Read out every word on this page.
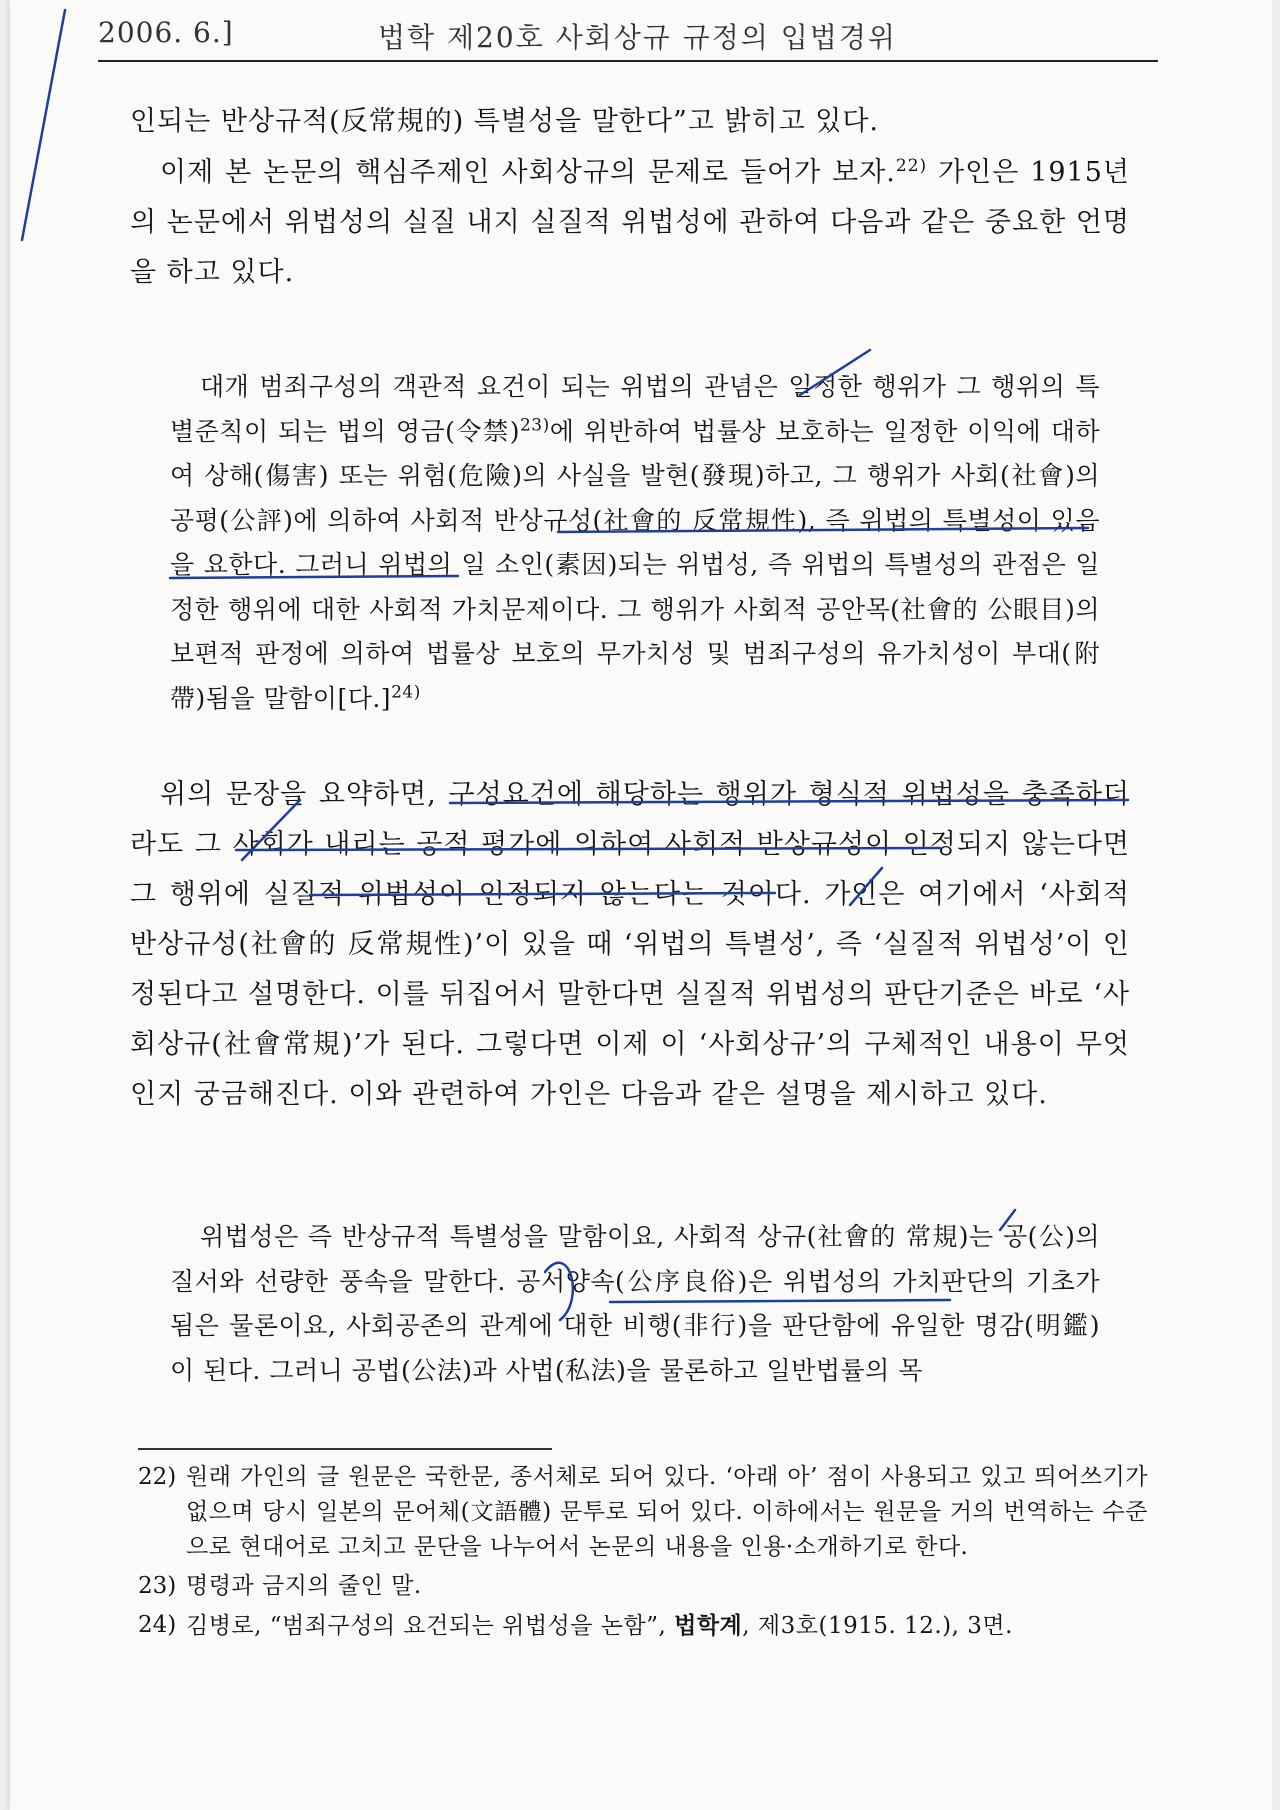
2006. 6.]	법학 제20호 사회상규 규정의 입법경위

인되는 반상규적(反常規的) 특별성을 말한다”고 밝히고 있다.

이제 본 논문의 핵심주제인 사회상규의 문제로 들어가 보자.$^{22)}$ 가인은 1915년의 논문에서 위법성의 실질 내지 실질적 위법성에 관하여 다음과 같은 중요한 언명을 하고 있다.

대개 범죄구성의 객관적 요건이 되는 위법의 관념은 일정한 행위가 그 행위의 특별준칙이 되는 법의 영금(令禁)$^{23)}$에 위반하여 법률상 보호하는 일정한 이익에 대하여 상해(傷害) 또는 위험(危險)의 사실을 발현(發現)하고, 그 행위가 사회(社會)의 공평(公評)에 의하여 사회적 반상규성(社會的 反常規性), 즉 위법의 특별성이 있음을 요한다. 그러니 위법의 일 소인(素因)되는 위법성, 즉 위법의 특별성의 관점은 일정한 행위에 대한 사회적 가치문제이다. 그 행위가 사회적 공안목(社會的 公眼目)의 보편적 판정에 의하여 법률상 보호의 무가치성 및 범죄구성의 유가치성이 부대(附帶)됨을 말함이[다.]$^{24)}$

위의 문장을 요약하면, 구성요건에 해당하는 행위가 형식적 위법성을 충족하더라도 그 사회가 내리는 공적 평가에 의하여 사회적 반상규성이 인정되지 않는다면 그 행위에 실질적 위법성이 인정되지 않는다는 것이다. 가인은 여기에서 ‘사회적 반상규성(社會的 反常規性)’이 있을 때 ‘위법의 특별성’, 즉 ‘실질적 위법성’이 인정된다고 설명한다. 이를 뒤집어서 말한다면 실질적 위법성의 판단기준은 바로 ‘사회상규(社會常規)’가 된다. 그렇다면 이제 이 ‘사회상규’의 구체적인 내용이 무엇인지 궁금해진다. 이와 관련하여 가인은 다음과 같은 설명을 제시하고 있다.

위법성은 즉 반상규적 특별성을 말함이요, 사회적 상규(社會的 常規)는 공(公)의 질서와 선량한 풍속을 말한다. 공서양속(公序良俗)은 위법성의 가치판단의 기초가 됨은 물론이요, 사회공존의 관계에 대한 비행(非行)을 판단함에 유일한 명감(明鑑)이 된다. 그러니 공법(公法)과 사법(私法)을 물론하고 일반법률의 목

22) 원래 가인의 글 원문은 국한문, 종서체로 되어 있다. ‘아래 아’ 점이 사용되고 있고 띄어쓰기가 없으며 당시 일본의 문어체(文語體) 문투로 되어 있다. 이하에서는 원문을 거의 번역하는 수준으로 현대어로 고치고 문단을 나누어서 논문의 내용을 인용·소개하기로 한다.
23) 명령과 금지의 줄인 말.
24) 김병로, “범죄구성의 요건되는 위법성을 논함”, 법학계, 제3호(1915. 12.), 3면.
